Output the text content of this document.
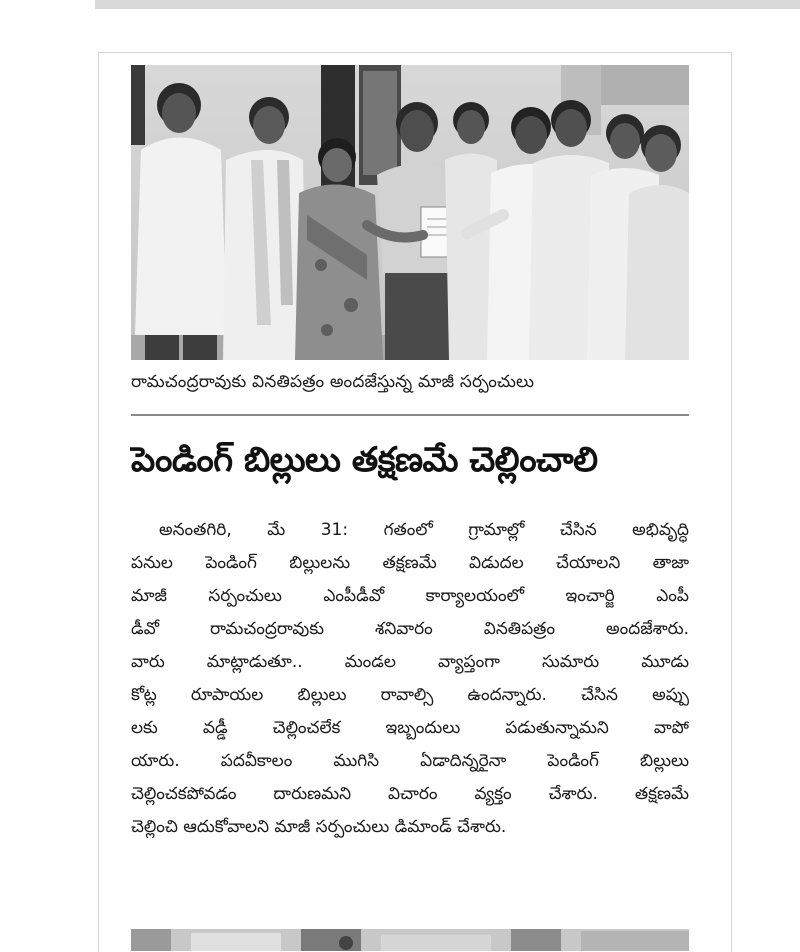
రామచంద్రరావుకు వినతిపత్రం అందజేస్తున్న మాజీ సర్పంచులు
పెండింగ్ బిల్లులు తక్షణమే చెల్లించాలి
అనంతగిరి, మే 31: గతంలో గ్రామాల్లో చేసిన అభివృద్ధి
పనుల పెండింగ్ బిల్లులను తక్షణమే విడుదల చేయాలని తాజా
మాజీ సర్పంచులు ఎంపీడీవో కార్యాలయంలో ఇంచార్జి ఎంపీ
డీవో రామచంద్రరావుకు శనివారం వినతిపత్రం అందజేశారు.
వారు మాట్లాడుతూ.. మండల వ్యాప్తంగా సుమారు మూడు
కోట్ల రూపాయల బిల్లులు రావాల్సి ఉందన్నారు. చేసిన అప్పు
లకు వడ్డీ చెల్లించలేక ఇబ్బందులు పడుతున్నామని వాపో
యారు. పదవీకాలం ముగిసి ఏడాదిన్నరైనా పెండింగ్ బిల్లులు
చెల్లించకపోవడం దారుణమని విచారం వ్యక్తం చేశారు. తక్షణమే
చెల్లించి ఆదుకోవాలని మాజీ సర్పంచులు డిమాండ్ చేశారు.
